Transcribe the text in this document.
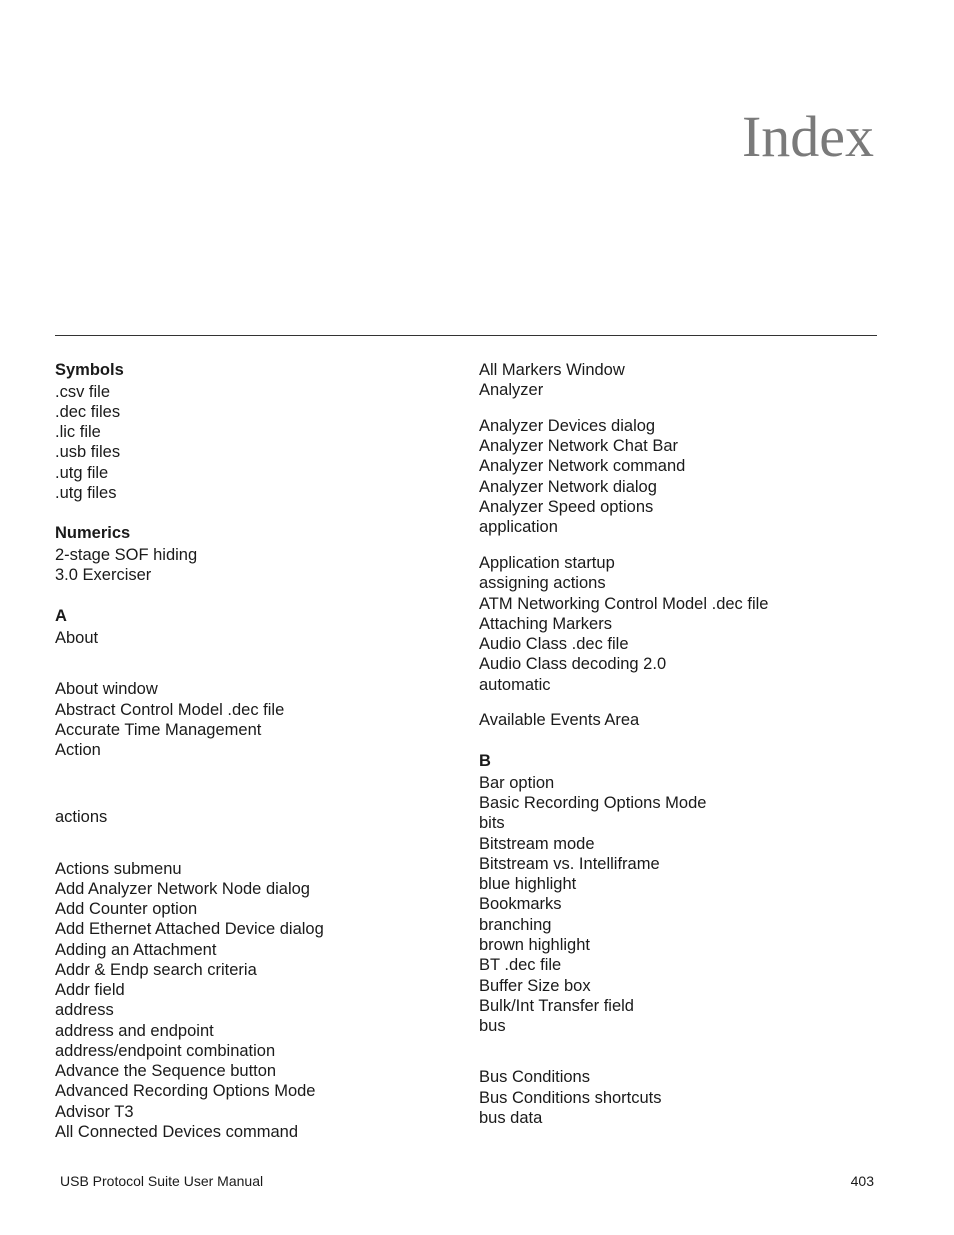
Index
Symbols
.csv file
.dec files
.lic file
.usb files
.utg file
.utg files
Numerics
2-stage SOF hiding
3.0 Exerciser
A
About
About window
Abstract Control Model .dec file
Accurate Time Management
Action
actions
Actions submenu
Add Analyzer Network Node dialog
Add Counter option
Add Ethernet Attached Device dialog
Adding an Attachment
Addr & Endp search criteria
Addr field
address
address and endpoint
address/endpoint combination
Advance the Sequence button
Advanced Recording Options Mode
Advisor T3
All Connected Devices command
All Markers Window
Analyzer
Analyzer Devices dialog
Analyzer Network Chat Bar
Analyzer Network command
Analyzer Network dialog
Analyzer Speed options
application
Application startup
assigning actions
ATM Networking Control Model .dec file
Attaching Markers
Audio Class .dec file
Audio Class decoding 2.0
automatic
Available Events Area
B
Bar option
Basic Recording Options Mode
bits
Bitstream mode
Bitstream vs. Intelliframe
blue highlight
Bookmarks
branching
brown highlight
BT .dec file
Buffer Size box
Bulk/Int Transfer field
bus
Bus Conditions
Bus Conditions shortcuts
bus data
USB Protocol Suite User Manual	403
